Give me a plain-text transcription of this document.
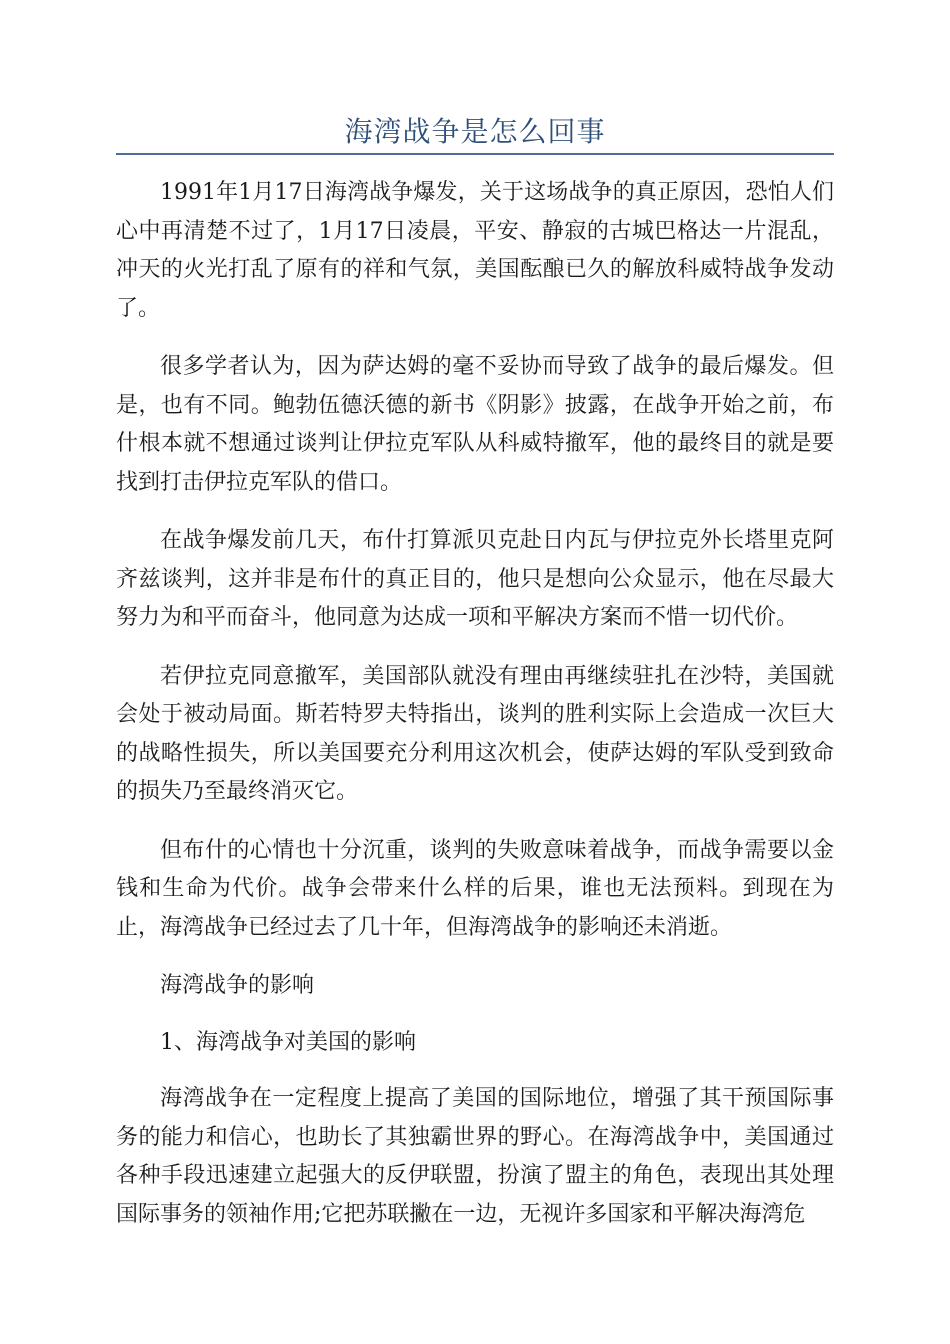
海湾战争是怎么回事

1991年1月17日海湾战争爆发，关于这场战争的真正原因，恐怕人们心中再清楚不过了，1月17日凌晨，平安、静寂的古城巴格达一片混乱，冲天的火光打乱了原有的祥和气氛，美国酝酿已久的解放科威特战争发动了。

很多学者认为，因为萨达姆的毫不妥协而导致了战争的最后爆发。但是，也有不同。鲍勃伍德沃德的新书《阴影》披露，在战争开始之前，布什根本就不想通过谈判让伊拉克军队从科威特撤军，他的最终目的就是要找到打击伊拉克军队的借口。

在战争爆发前几天，布什打算派贝克赴日内瓦与伊拉克外长塔里克阿齐兹谈判，这并非是布什的真正目的，他只是想向公众显示，他在尽最大努力为和平而奋斗，他同意为达成一项和平解决方案而不惜一切代价。

若伊拉克同意撤军，美国部队就没有理由再继续驻扎在沙特，美国就会处于被动局面。斯若特罗夫特指出，谈判的胜利实际上会造成一次巨大的战略性损失，所以美国要充分利用这次机会，使萨达姆的军队受到致命的损失乃至最终消灭它。

但布什的心情也十分沉重，谈判的失败意味着战争，而战争需要以金钱和生命为代价。战争会带来什么样的后果，谁也无法预料。到现在为止，海湾战争已经过去了几十年，但海湾战争的影响还未消逝。

海湾战争的影响

1、海湾战争对美国的影响

海湾战争在一定程度上提高了美国的国际地位，增强了其干预国际事务的能力和信心，也助长了其独霸世界的野心。在海湾战争中，美国通过各种手段迅速建立起强大的反伊联盟，扮演了盟主的角色，表现出其处理国际事务的领袖作用;它把苏联撇在一边，无视许多国家和平解决海湾危
